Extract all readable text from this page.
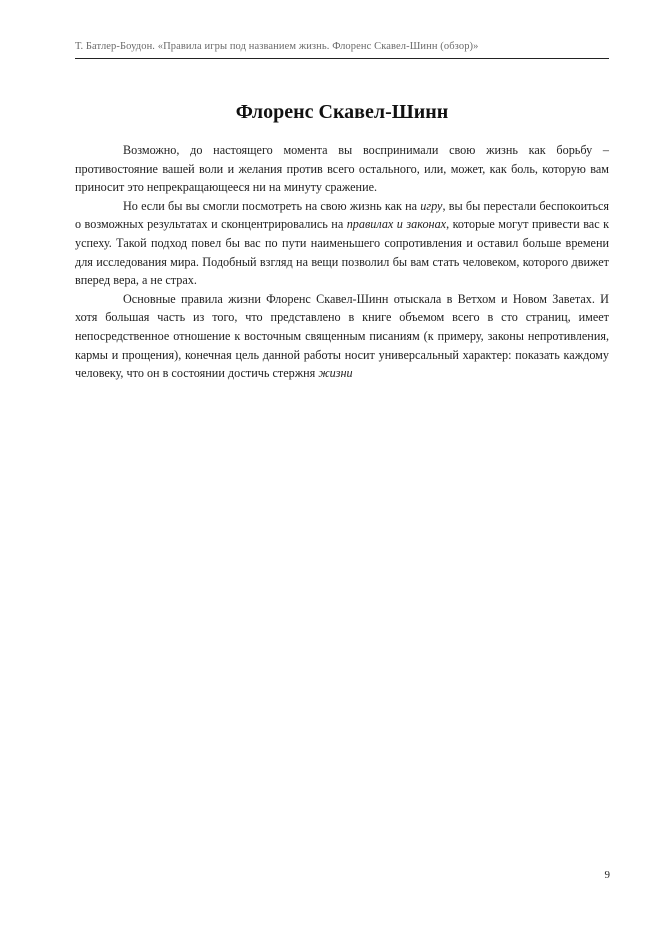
Т. Батлер-Боудон. «Правила игры под названием жизнь. Флоренс Скавел-Шинн (обзор)»
Флоренс Скавел-Шинн

Возможно, до настоящего момента вы воспринимали свою жизнь как борьбу – противостояние вашей воли и желания против всего остального, или, может, как боль, которую вам приносит это непрекращающееся ни на минуту сражение.

Но если бы вы смогли посмотреть на свою жизнь как на игру, вы бы перестали беспокоиться о возможных результатах и сконцентрировались на правилах и законах, которые могут привести вас к успеху. Такой подход повел бы вас по пути наименьшего сопротивления и оставил больше времени для исследования мира. Подобный взгляд на вещи позволил бы вам стать человеком, которого движет вперед вера, а не страх.

Основные правила жизни Флоренс Скавел-Шинн отыскала в Ветхом и Новом Заветах. И хотя большая часть из того, что представлено в книге объемом всего в сто страниц, имеет непосредственное отношение к восточным священным писаниям (к примеру, законы непротивления, кармы и прощения), конечная цель данной работы носит универсальный характер: показать каждому человеку, что он в состоянии достичь стержня жизни

9
